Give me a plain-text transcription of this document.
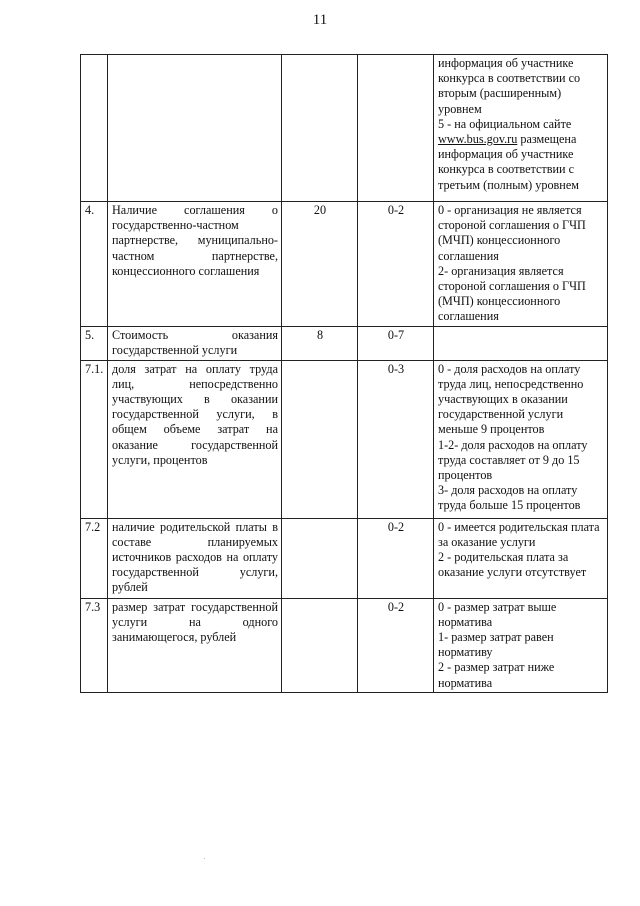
11

				информация об участнике конкурса в соответствии со вторым (расширенным) уровнем
5 - на официальном сайте www.bus.gov.ru размещена информация об участнике конкурса в соответствии с третьим (полным) уровнем

4.	Наличие соглашения о государственно-частном партнерстве, муниципально-частном партнерстве, концессионного соглашения	20	0-2	0 - организация не является стороной соглашения о ГЧП (МЧП) концессионного соглашения
2- организация является стороной соглашения о ГЧП (МЧП) концессионного соглашения

5.	Стоимость оказания государственной услуги	8	0-7	
7.1.	доля затрат на оплату труда лиц, непосредственно участвующих в оказании государственной услуги, в общем объеме затрат на оказание государственной услуги, процентов		0-3	0 - доля расходов на оплату труда лиц, непосредственно участвующих в оказании государственной услуги меньше 9 процентов
1-2- доля расходов на оплату труда составляет от 9 до 15 процентов
3- доля расходов на оплату труда больше 15 процентов

7.2	наличие родительской платы в составе планируемых источников расходов на оплату государственной услуги, рублей		0-2	0 - имеется родительская плата за оказание услуги
2 - родительская плата за оказание услуги отсутствует

7.3	размер затрат государственной услуги на одного занимающегося, рублей		0-2	0 - размер затрат выше норматива
1- размер затрат равен нормативу
2 - размер затрат ниже норматива
